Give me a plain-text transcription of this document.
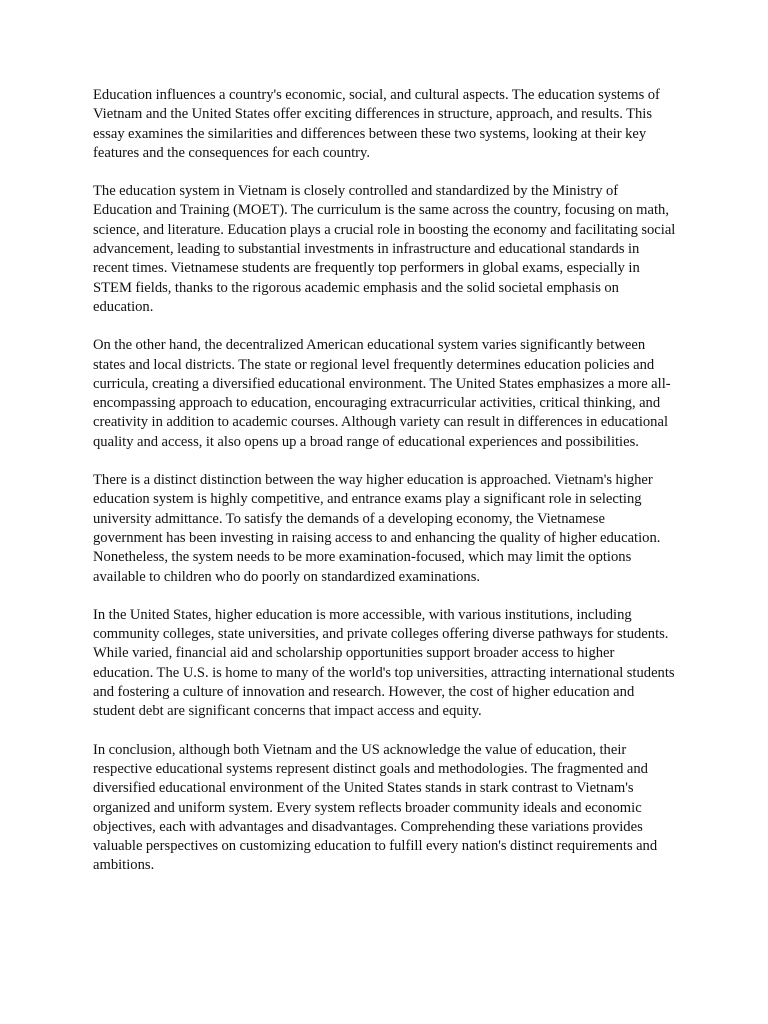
Education influences a country's economic, social, and cultural aspects. The education systems of Vietnam and the United States offer exciting differences in structure, approach, and results. This essay examines the similarities and differences between these two systems, looking at their key features and the consequences for each country.

The education system in Vietnam is closely controlled and standardized by the Ministry of Education and Training (MOET). The curriculum is the same across the country, focusing on math, science, and literature. Education plays a crucial role in boosting the economy and facilitating social advancement, leading to substantial investments in infrastructure and educational standards in recent times. Vietnamese students are frequently top performers in global exams, especially in STEM fields, thanks to the rigorous academic emphasis and the solid societal emphasis on education.

On the other hand, the decentralized American educational system varies significantly between states and local districts. The state or regional level frequently determines education policies and curricula, creating a diversified educational environment. The United States emphasizes a more all-encompassing approach to education, encouraging extracurricular activities, critical thinking, and creativity in addition to academic courses. Although variety can result in differences in educational quality and access, it also opens up a broad range of educational experiences and possibilities.

There is a distinct distinction between the way higher education is approached. Vietnam's higher education system is highly competitive, and entrance exams play a significant role in selecting university admittance. To satisfy the demands of a developing economy, the Vietnamese government has been investing in raising access to and enhancing the quality of higher education. Nonetheless, the system needs to be more examination-focused, which may limit the options available to children who do poorly on standardized examinations.

In the United States, higher education is more accessible, with various institutions, including community colleges, state universities, and private colleges offering diverse pathways for students. While varied, financial aid and scholarship opportunities support broader access to higher education. The U.S. is home to many of the world's top universities, attracting international students and fostering a culture of innovation and research. However, the cost of higher education and student debt are significant concerns that impact access and equity.

In conclusion, although both Vietnam and the US acknowledge the value of education, their respective educational systems represent distinct goals and methodologies. The fragmented and diversified educational environment of the United States stands in stark contrast to Vietnam's organized and uniform system. Every system reflects broader community ideals and economic objectives, each with advantages and disadvantages. Comprehending these variations provides valuable perspectives on customizing education to fulfill every nation's distinct requirements and ambitions.
